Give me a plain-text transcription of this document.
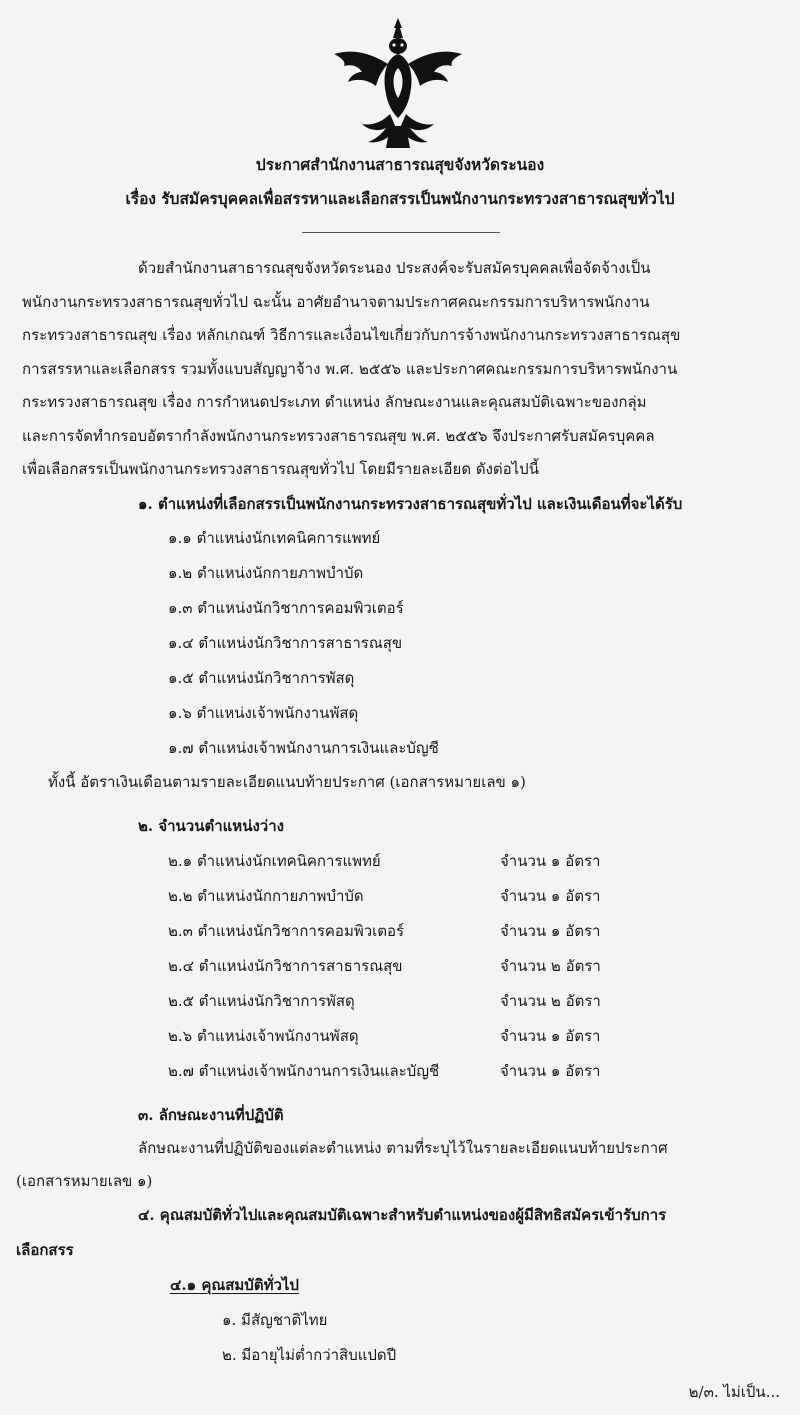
ประกาศสำนักงานสาธารณสุขจังหวัดระนอง
เรื่อง รับสมัครบุคคลเพื่อสรรหาและเลือกสรรเป็นพนักงานกระทรวงสาธารณสุขทั่วไป
ด้วยสำนักงานสาธารณสุขจังหวัดระนอง ประสงค์จะรับสมัครบุคคลเพื่อจัดจ้างเป็น
พนักงานกระทรวงสาธารณสุขทั่วไป ฉะนั้น อาศัยอำนาจตามประกาศคณะกรรมการบริหารพนักงาน
กระทรวงสาธารณสุข เรื่อง หลักเกณฑ์ วิธีการและเงื่อนไขเกี่ยวกับการจ้างพนักงานกระทรวงสาธารณสุข
การสรรหาและเลือกสรร รวมทั้งแบบสัญญาจ้าง พ.ศ. ๒๕๕๖ และประกาศคณะกรรมการบริหารพนักงาน
กระทรวงสาธารณสุข เรื่อง การกำหนดประเภท ตำแหน่ง ลักษณะงานและคุณสมบัติเฉพาะของกลุ่ม
และการจัดทำกรอบอัตรากำลังพนักงานกระทรวงสาธารณสุข พ.ศ. ๒๕๕๖ จึงประกาศรับสมัครบุคคล
เพื่อเลือกสรรเป็นพนักงานกระทรวงสาธารณสุขทั่วไป โดยมีรายละเอียด ดังต่อไปนี้
๑. ตำแหน่งที่เลือกสรรเป็นพนักงานกระทรวงสาธารณสุขทั่วไป และเงินเดือนที่จะได้รับ
๑.๑ ตำแหน่งนักเทคนิคการแพทย์
๑.๒ ตำแหน่งนักกายภาพบำบัด
๑.๓ ตำแหน่งนักวิชาการคอมพิวเตอร์
๑.๔ ตำแหน่งนักวิชาการสาธารณสุข
๑.๕ ตำแหน่งนักวิชาการพัสดุ
๑.๖ ตำแหน่งเจ้าพนักงานพัสดุ
๑.๗ ตำแหน่งเจ้าพนักงานการเงินและบัญชี
ทั้งนี้ อัตราเงินเดือนตามรายละเอียดแนบท้ายประกาศ (เอกสารหมายเลข ๑)
๒. จำนวนตำแหน่งว่าง
๒.๑ ตำแหน่งนักเทคนิคการแพทย์	จำนวน ๑ อัตรา
๒.๒ ตำแหน่งนักกายภาพบำบัด	จำนวน ๑ อัตรา
๒.๓ ตำแหน่งนักวิชาการคอมพิวเตอร์	จำนวน ๑ อัตรา
๒.๔ ตำแหน่งนักวิชาการสาธารณสุข	จำนวน ๒ อัตรา
๒.๕ ตำแหน่งนักวิชาการพัสดุ	จำนวน ๒ อัตรา
๒.๖ ตำแหน่งเจ้าพนักงานพัสดุ	จำนวน ๑ อัตรา
๒.๗ ตำแหน่งเจ้าพนักงานการเงินและบัญชี	จำนวน ๑ อัตรา
๓. ลักษณะงานที่ปฏิบัติ
ลักษณะงานที่ปฏิบัติของแต่ละตำแหน่ง ตามที่ระบุไว้ในรายละเอียดแนบท้ายประกาศ
(เอกสารหมายเลข ๑)
๔. คุณสมบัติทั่วไปและคุณสมบัติเฉพาะสำหรับตำแหน่งของผู้มีสิทธิสมัครเข้ารับการ
เลือกสรร
๔.๑ คุณสมบัติทั่วไป
๑. มีสัญชาติไทย
๒. มีอายุไม่ต่ำกว่าสิบแปดปี
๒/๓. ไม่เป็น...
